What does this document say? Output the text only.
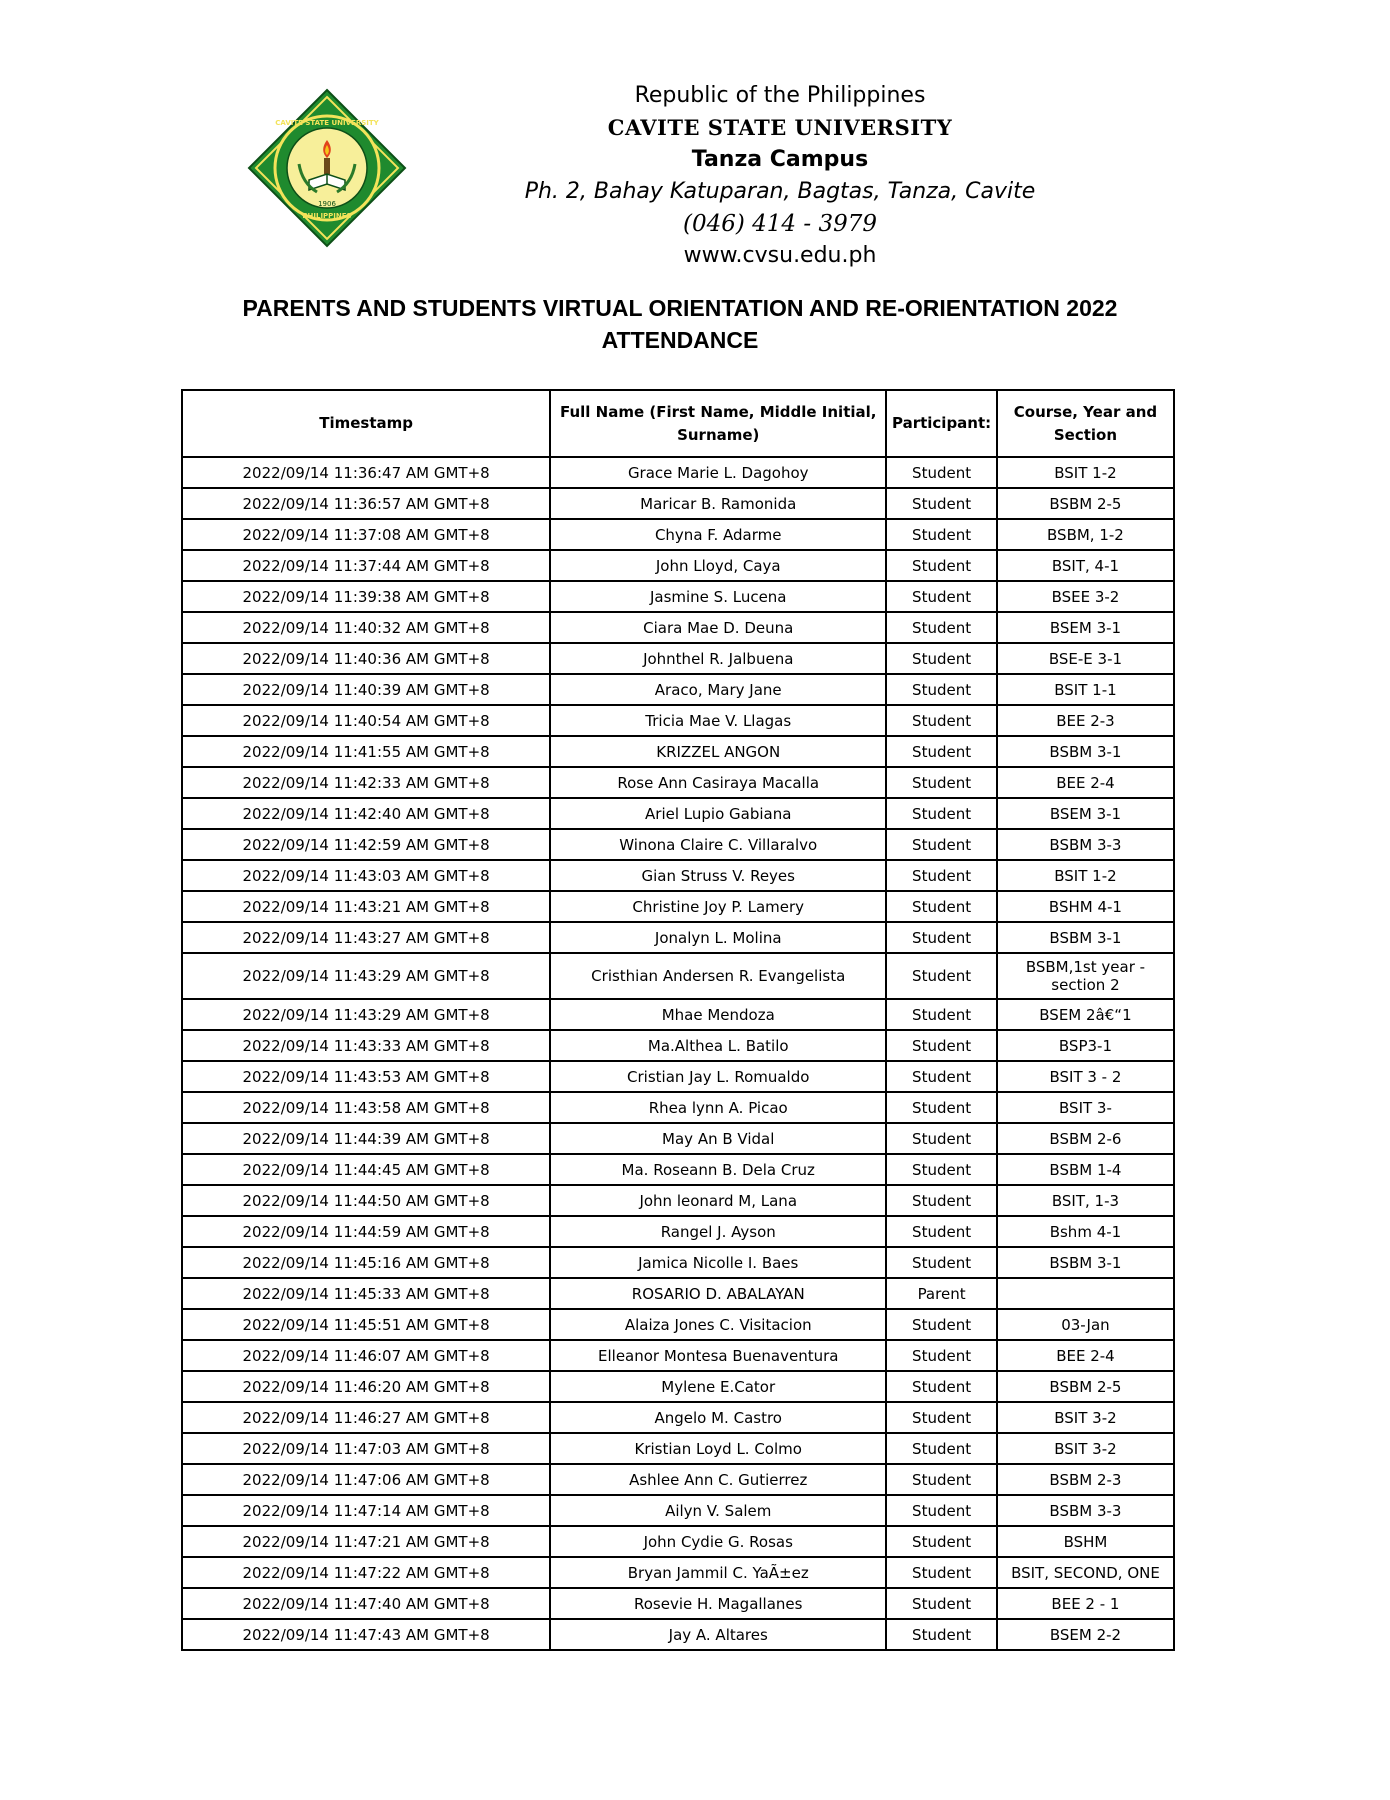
CAVITE STATE UNIVERSITY
PHILIPPINES
1906
Republic of the Philippines
CAVITE STATE UNIVERSITY
Tanza Campus
Ph. 2, Bahay Katuparan, Bagtas, Tanza, Cavite
(046) 414 - 3979
www.cvsu.edu.ph
PARENTS AND STUDENTS VIRTUAL ORIENTATION AND RE-ORIENTATION 2022
ATTENDANCE
Timestamp	Full Name (First Name, Middle Initial, Surname)	Participant:	Course, Year and Section
2022/09/14 11:36:47 AM GMT+8	Grace Marie L. Dagohoy	Student	BSIT 1-2
2022/09/14 11:36:57 AM GMT+8	Maricar B. Ramonida	Student	BSBM 2-5
2022/09/14 11:37:08 AM GMT+8	Chyna F. Adarme	Student	BSBM, 1-2
2022/09/14 11:37:44 AM GMT+8	John Lloyd, Caya	Student	BSIT, 4-1
2022/09/14 11:39:38 AM GMT+8	Jasmine S. Lucena	Student	BSEE 3-2
2022/09/14 11:40:32 AM GMT+8	Ciara Mae D. Deuna	Student	BSEM 3-1
2022/09/14 11:40:36 AM GMT+8	Johnthel R. Jalbuena	Student	BSE-E 3-1
2022/09/14 11:40:39 AM GMT+8	Araco, Mary Jane	Student	BSIT 1-1
2022/09/14 11:40:54 AM GMT+8	Tricia Mae V. Llagas	Student	BEE 2-3
2022/09/14 11:41:55 AM GMT+8	KRIZZEL ANGON	Student	BSBM 3-1
2022/09/14 11:42:33 AM GMT+8	Rose Ann Casiraya Macalla	Student	BEE 2-4
2022/09/14 11:42:40 AM GMT+8	Ariel Lupio Gabiana	Student	BSEM 3-1
2022/09/14 11:42:59 AM GMT+8	Winona Claire C. Villaralvo	Student	BSBM 3-3
2022/09/14 11:43:03 AM GMT+8	Gian Struss V. Reyes	Student	BSIT 1-2
2022/09/14 11:43:21 AM GMT+8	Christine Joy P. Lamery	Student	BSHM 4-1
2022/09/14 11:43:27 AM GMT+8	Jonalyn L. Molina	Student	BSBM 3-1
2022/09/14 11:43:29 AM GMT+8	Cristhian Andersen R. Evangelista	Student	BSBM,1st year -section 2
2022/09/14 11:43:29 AM GMT+8	Mhae Mendoza	Student	BSEM 2â€“1
2022/09/14 11:43:33 AM GMT+8	Ma.Althea L. Batilo	Student	BSP3-1
2022/09/14 11:43:53 AM GMT+8	Cristian Jay L. Romualdo	Student	BSIT 3 - 2
2022/09/14 11:43:58 AM GMT+8	Rhea lynn A. Picao	Student	BSIT 3-
2022/09/14 11:44:39 AM GMT+8	May An B Vidal	Student	BSBM 2-6
2022/09/14 11:44:45 AM GMT+8	Ma. Roseann B. Dela Cruz	Student	BSBM 1-4
2022/09/14 11:44:50 AM GMT+8	John leonard M, Lana	Student	BSIT, 1-3
2022/09/14 11:44:59 AM GMT+8	Rangel J. Ayson	Student	Bshm 4-1
2022/09/14 11:45:16 AM GMT+8	Jamica Nicolle I. Baes	Student	BSBM 3-1
2022/09/14 11:45:33 AM GMT+8	ROSARIO D. ABALAYAN	Parent	
2022/09/14 11:45:51 AM GMT+8	Alaiza Jones C. Visitacion	Student	03-Jan
2022/09/14 11:46:07 AM GMT+8	Elleanor Montesa Buenaventura	Student	BEE 2-4
2022/09/14 11:46:20 AM GMT+8	Mylene E.Cator	Student	BSBM 2-5
2022/09/14 11:46:27 AM GMT+8	Angelo M. Castro	Student	BSIT 3-2
2022/09/14 11:47:03 AM GMT+8	Kristian Loyd L. Colmo	Student	BSIT 3-2
2022/09/14 11:47:06 AM GMT+8	Ashlee Ann C. Gutierrez	Student	BSBM 2-3
2022/09/14 11:47:14 AM GMT+8	Ailyn V. Salem	Student	BSBM 3-3
2022/09/14 11:47:21 AM GMT+8	John Cydie G. Rosas	Student	BSHM
2022/09/14 11:47:22 AM GMT+8	Bryan Jammil C. YaÃ±ez	Student	BSIT, SECOND, ONE
2022/09/14 11:47:40 AM GMT+8	Rosevie H. Magallanes	Student	BEE 2 - 1
2022/09/14 11:47:43 AM GMT+8	Jay A. Altares	Student	BSEM 2-2
